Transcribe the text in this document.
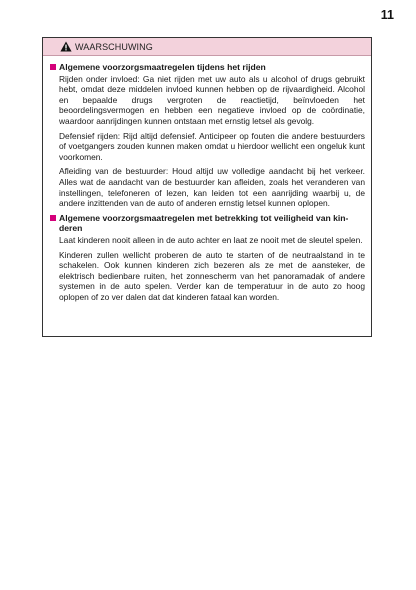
11
WAARSCHUWING
Algemene voorzorgsmaatregelen tijdens het rijden

Rijden onder invloed: Ga niet rijden met uw auto als u alcohol of drugs gebruikt hebt, omdat deze middelen invloed kunnen hebben op de rijvaardigheid. Alcohol en bepaalde drugs vergroten de reactietijd, beïnvloeden het beoordelingsvermogen en hebben een negatieve invloed op de coördinatie, waardoor aanrijdingen kunnen ontstaan met ernstig letsel als gevolg.

Defensief rijden: Rijd altijd defensief. Anticipeer op fouten die andere bestuurders of voetgangers zouden kunnen maken omdat u hierdoor wellicht een ongeluk kunt voorkomen.

Afleiding van de bestuurder: Houd altijd uw volledige aandacht bij het verkeer. Alles wat de aandacht van de bestuurder kan afleiden, zoals het veranderen van instellingen, telefoneren of lezen, kan leiden tot een aanrijding waarbij u, de andere inzittenden van de auto of anderen ernstig letsel kunnen oplopen.

Algemene voorzorgsmaatregelen met betrekking tot veiligheid van kinderen

Laat kinderen nooit alleen in de auto achter en laat ze nooit met de sleutel spelen.

Kinderen zullen wellicht proberen de auto te starten of de neutraalstand in te schakelen. Ook kunnen kinderen zich bezeren als ze met de aansteker, de elektrisch bedienbare ruiten, het zonnescherm van het panoramadak of andere systemen in de auto spelen. Verder kan de temperatuur in de auto zo hoog oplopen of zo ver dalen dat dat kinderen fataal kan worden.
